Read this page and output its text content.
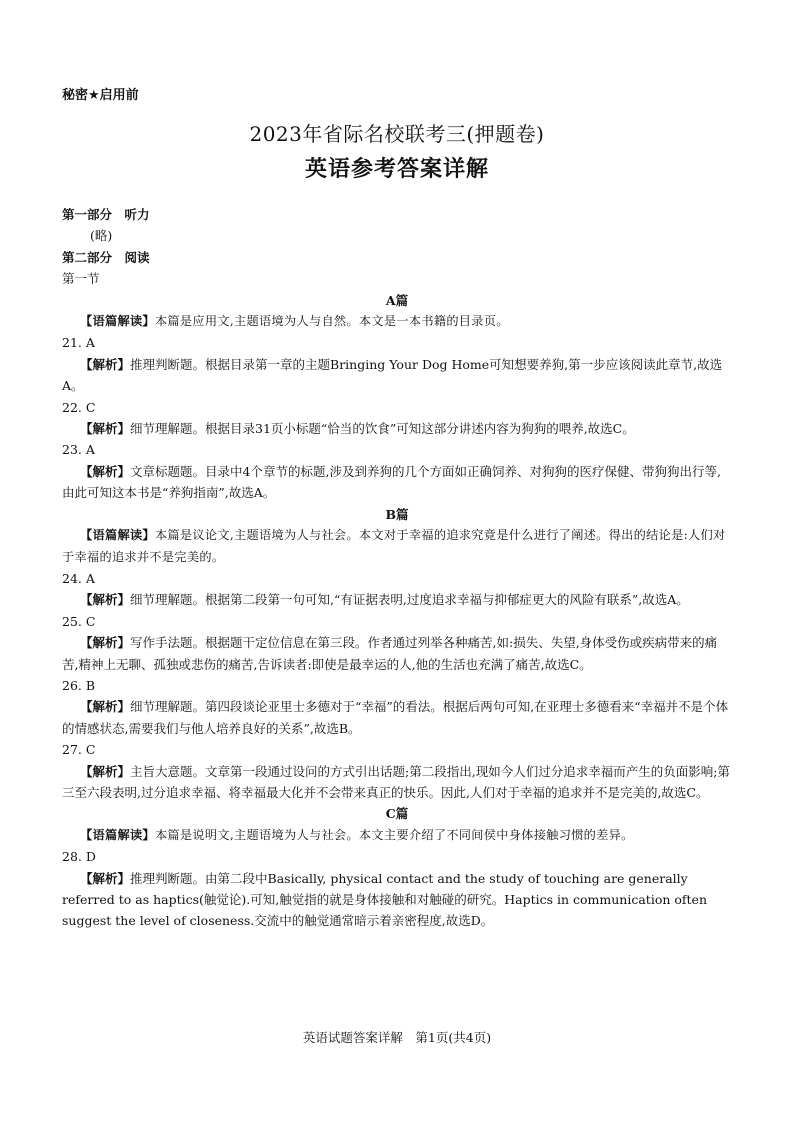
秘密★启用前
2023年省际名校联考三(押题卷)
英语参考答案详解
第一部分　听力
(略)
第二部分　阅读
第一节
A篇
【语篇解读】本篇是应用文,主题语境为人与自然。本文是一本书籍的目录页。
21. A
【解析】推理判断题。根据目录第一章的主题Bringing Your Dog Home可知想要养狗,第一步应该阅读此章节,故选A。
22. C
【解析】细节理解题。根据目录31页小标题“恰当的饮食”可知这部分讲述内容为狗狗的喂养,故选C。
23. A
【解析】文章标题题。目录中4个章节的标题,涉及到养狗的几个方面如正确饲养、对狗狗的医疗保健、带狗狗出行等,由此可知这本书是“养狗指南”,故选A。
B篇
【语篇解读】本篇是议论文,主题语境为人与社会。本文对于幸福的追求究竟是什么进行了阐述。得出的结论是:人们对于幸福的追求并不是完美的。
24. A
【解析】细节理解题。根据第二段第一句可知,“有证据表明,过度追求幸福与抑郁症更大的风险有联系”,故选A。
25. C
【解析】写作手法题。根据题干定位信息在第三段。作者通过列举各种痛苦,如:损失、失望,身体受伤或疾病带来的痛苦,精神上无聊、孤独或悲伤的痛苦,告诉读者:即使是最幸运的人,他的生活也充满了痛苦,故选C。
26. B
【解析】细节理解题。第四段谈论亚里士多德对于“幸福”的看法。根据后两句可知,在亚理士多德看来“幸福并不是个体的情感状态,需要我们与他人培养良好的关系”,故选B。
27. C
【解析】主旨大意题。文章第一段通过设问的方式引出话题;第二段指出,现如今人们过分追求幸福而产生的负面影响;第三至六段表明,过分追求幸福、将幸福最大化并不会带来真正的快乐。因此,人们对于幸福的追求并不是完美的,故选C。
C篇
【语篇解读】本篇是说明文,主题语境为人与社会。本文主要介绍了不同间侯中身体接触习惯的差异。
28. D
【解析】推理判断题。由第二段中Basically, physical contact and the study of touching are generally referred to as haptics(触觉论).可知,触觉指的就是身体接触和对触碰的研究。Haptics in communication often suggest the level of closeness.交流中的触觉通常暗示着亲密程度,故选D。
英语试题答案详解　第1页(共4页)
